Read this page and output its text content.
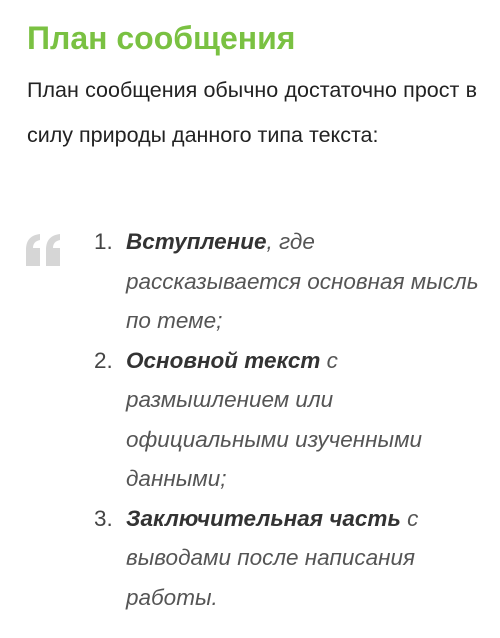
План сообщения

План сообщения обычно достаточно прост в силу природы данного типа текста:

1. Вступление, где рассказывается основная мысль по теме;
2. Основной текст с размышлением или официальными изученными данными;
3. Заключительная часть с выводами после написания работы.
